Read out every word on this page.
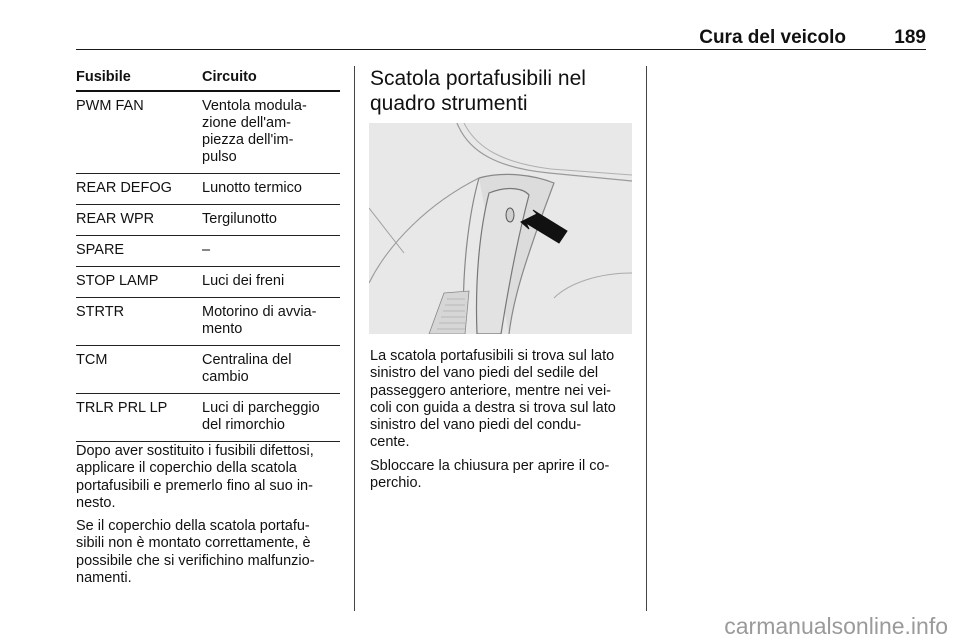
Cura del veicolo	189
Fusibile	Circuito
PWM FAN	Ventola modula-
zione dell'am-
piezza dell'im-
pulso
REAR DEFOG	Lunotto termico
REAR WPR	Tergilunotto
SPARE	–
STOP LAMP	Luci dei freni
STRTR	Motorino di avvia-
mento
TCM	Centralina del
cambio
TRLR PRL LP	Luci di parcheggio
del rimorchio

Dopo aver sostituito i fusibili difettosi,
applicare il coperchio della scatola
portafusibili e premerlo fino al suo in-
nesto.

Se il coperchio della scatola portafu-
sibili non è montato correttamente, è
possibile che si verifichino malfunzio-
namenti.

Scatola portafusibili nel
quadro strumenti

La scatola portafusibili si trova sul lato
sinistro del vano piedi del sedile del
passeggero anteriore, mentre nei vei-
coli con guida a destra si trova sul lato
sinistro del vano piedi del condu-
cente.

Sbloccare la chiusura per aprire il co-
perchio.

carmanualsonline.info
